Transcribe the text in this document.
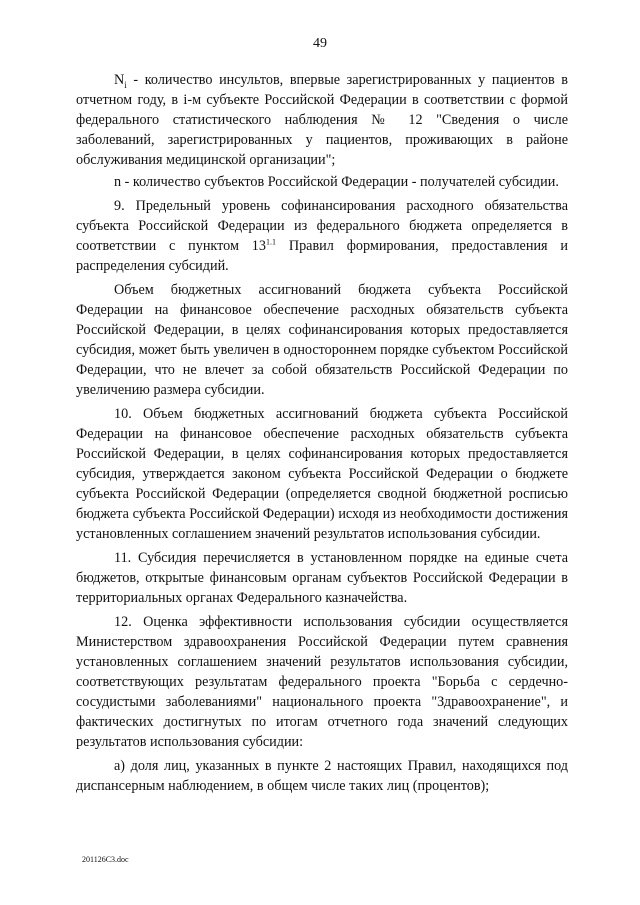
49

$N_i$ - количество инсультов, впервые зарегистрированных у пациентов в отчетном году, в i-м субъекте Российской Федерации в соответствии с формой федерального статистического наблюдения № 12 "Сведения о числе заболеваний, зарегистрированных у пациентов, проживающих в районе обслуживания медицинской организации";

n - количество субъектов Российской Федерации - получателей субсидии.

9. Предельный уровень софинансирования расходного обязательства субъекта Российской Федерации из федерального бюджета определяется в соответствии с пунктом $13^{1.1}$ Правил формирования, предоставления и распределения субсидий.

Объем бюджетных ассигнований бюджета субъекта Российской Федерации на финансовое обеспечение расходных обязательств субъекта Российской Федерации, в целях софинансирования которых предоставляется субсидия, может быть увеличен в одностороннем порядке субъектом Российской Федерации, что не влечет за собой обязательств Российской Федерации по увеличению размера субсидии.

10. Объем бюджетных ассигнований бюджета субъекта Российской Федерации на финансовое обеспечение расходных обязательств субъекта Российской Федерации, в целях софинансирования которых предоставляется субсидия, утверждается законом субъекта Российской Федерации о бюджете субъекта Российской Федерации (определяется сводной бюджетной росписью бюджета субъекта Российской Федерации) исходя из необходимости достижения установленных соглашением значений результатов использования субсидии.

11. Субсидия перечисляется в установленном порядке на единые счета бюджетов, открытые финансовым органам субъектов Российской Федерации в территориальных органах Федерального казначейства.

12. Оценка эффективности использования субсидии осуществляется Министерством здравоохранения Российской Федерации путем сравнения установленных соглашением значений результатов использования субсидии, соответствующих результатам федерального проекта "Борьба с сердечно-сосудистыми заболеваниями" национального проекта "Здравоохранение", и фактических достигнутых по итогам отчетного года значений следующих результатов использования субсидии:

а) доля лиц, указанных в пункте 2 настоящих Правил, находящихся под диспансерным наблюдением, в общем числе таких лиц (процентов);

201126C3.doc
